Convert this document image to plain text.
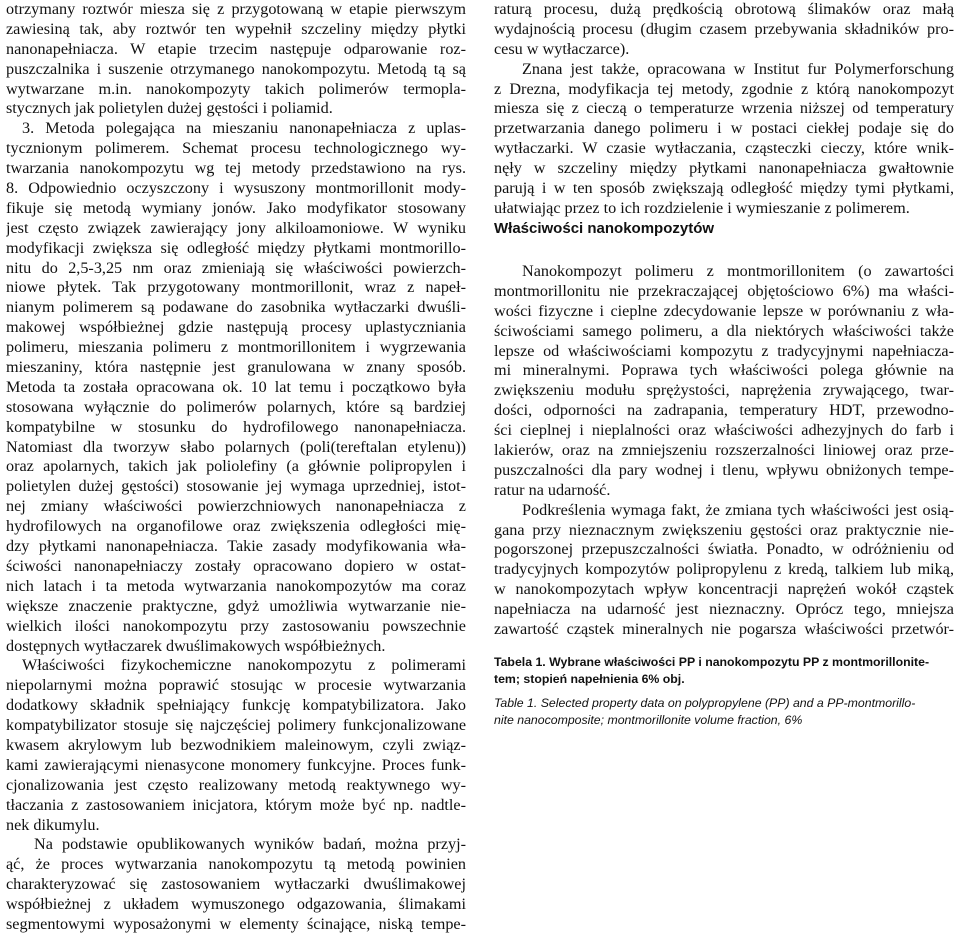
otrzymany roztwór miesza się z przygotowaną w etapie pierwszym
zawiesiną tak, aby roztwór ten wypełnił szczeliny między płytki
nanonapełniacza. W etapie trzecim następuje odparowanie roz-
puszczalnika i suszenie otrzymanego nanokompozytu. Metodą tą są
wytwarzane m.in. nanokompozyty takich polimerów termopla-
stycznych jak polietylen dużej gęstości i poliamid.
3. Metoda polegająca na mieszaniu nanonapełniacza z uplas-
tycznionym polimerem. Schemat procesu technologicznego wy-
twarzania nanokompozytu wg tej metody przedstawiono na rys.
8. Odpowiednio oczyszczony i wysuszony montmorillonit mody-
fikuje się metodą wymiany jonów. Jako modyfikator stosowany
jest często związek zawierający jony alkiloamoniowe. W wyniku
modyfikacji zwiększa się odległość między płytkami montmorillo-
nitu do 2,5-3,25 nm oraz zmieniają się właściwości powierzch-
niowe płytek. Tak przygotowany montmorillonit, wraz z napeł-
nianym polimerem są podawane do zasobnika wytłaczarki dwuśli-
makowej współbieżnej gdzie następują procesy uplastyczniania
polimeru, mieszania polimeru z montmorillonitem i wygrzewania
mieszaniny, która następnie jest granulowana w znany sposób.
Metoda ta została opracowana ok. 10 lat temu i początkowo była
stosowana wyłącznie do polimerów polarnych, które są bardziej
kompatybilne w stosunku do hydrofilowego nanonapełniacza.
Natomiast dla tworzyw słabo polarnych (poli(tereftalan etylenu))
oraz apolarnych, takich jak poliolefiny (a głównie polipropylen i
polietylen dużej gęstości) stosowanie jej wymaga uprzedniej, istot-
nej zmiany właściwości powierzchniowych nanonapełniacza z
hydrofilowych na organofilowe oraz zwiększenia odległości mię-
dzy płytkami nanonapełniacza. Takie zasady modyfikowania wła-
ściwości nanonapełniaczy zostały opracowano dopiero w ostat-
nich latach i ta metoda wytwarzania nanokompozytów ma coraz
większe znaczenie praktyczne, gdyż umożliwia wytwarzanie nie-
wielkich ilości nanokompozytu przy zastosowaniu powszechnie
dostępnych wytłaczarek dwuślimakowych współbieżnych.
Właściwości fizykochemiczne nanokompozytu z polimerami
niepolarnymi można poprawić stosując w procesie wytwarzania
dodatkowy składnik spełniający funkcję kompatybilizatora. Jako
kompatybilizator stosuje się najczęściej polimery funkcjonalizowane
kwasem akrylowym lub bezwodnikiem maleinowym, czyli związ-
kami zawierającymi nienasycone monomery funkcyjne. Proces funk-
cjonalizowania jest często realizowany metodą reaktywnego wy-
tłaczania z zastosowaniem inicjatora, którym może być np. nadtle-
nek dikumylu.
Na podstawie opublikowanych wyników badań, można przyj-
ąć, że proces wytwarzania nanokompozytu tą metodą powinien
charakteryzować się zastosowaniem wytłaczarki dwuślimakowej
współbieżnej z układem wymuszonego odgazowania, ślimakami
segmentowymi wyposażonymi w elementy ścinające, niską tempe-
raturą procesu, dużą prędkością obrotową ślimaków oraz małą
wydajnością procesu (długim czasem przebywania składników pro-
cesu w wytłaczarce).
Znana jest także, opracowana w Institut fur Polymerforschung
z Drezna, modyfikacja tej metody, zgodnie z którą nanokompozyt
miesza się z cieczą o temperaturze wrzenia niższej od temperatury
przetwarzania danego polimeru i w postaci ciekłej podaje się do
wytłaczarki. W czasie wytłaczania, cząsteczki cieczy, które wnik-
nęły w szczeliny między płytkami nanonapełniacza gwałtownie
parują i w ten sposób zwiększają odległość między tymi płytkami,
ułatwiając przez to ich rozdzielenie i wymieszanie z polimerem.
Właściwości nanokompozytów
Nanokompozyt polimeru z montmorillonitem (o zawartości
montmorillonitu nie przekraczającej objętościowo 6%) ma właści-
wości fizyczne i cieplne zdecydowanie lepsze w porównaniu z wła-
ściwościami samego polimeru, a dla niektórych właściwości także
lepsze od właściwościami kompozytu z tradycyjnymi napełniacza-
mi mineralnymi. Poprawa tych właściwości polega głównie na
zwiększeniu modułu sprężystości, naprężenia zrywającego, twar-
dości, odporności na zadrapania, temperatury HDT, przewodno-
ści cieplnej i nieplalności oraz właściwości adhezyjnych do farb i
lakierów, oraz na zmniejszeniu rozszerzalności liniowej oraz prze-
puszczalności dla pary wodnej i tlenu, wpływu obniżonych tempe-
ratur na udarność.
Podkreślenia wymaga fakt, że zmiana tych właściwości jest osią-
gana przy nieznacznym zwiększeniu gęstości oraz praktycznie nie-
pogorszonej przepuszczalności światła. Ponadto, w odróżnieniu od
tradycyjnych kompozytów polipropylenu z kredą, talkiem lub miką,
w nanokompozytach wpływ koncentracji naprężeń wokół cząstek
napełniacza na udarność jest nieznaczny. Oprócz tego, mniejsza
zawartość cząstek mineralnych nie pogarsza właściwości przetwór-
Tabela 1. Wybrane właściwości PP i nanokompozytu PP z montmorillonite-
tem; stopień napełnienia 6% obj.
Table 1. Selected property data on polypropylene (PP) and a PP-montmorillo-
nite nanocomposite; montmorillonite volume fraction, 6%
